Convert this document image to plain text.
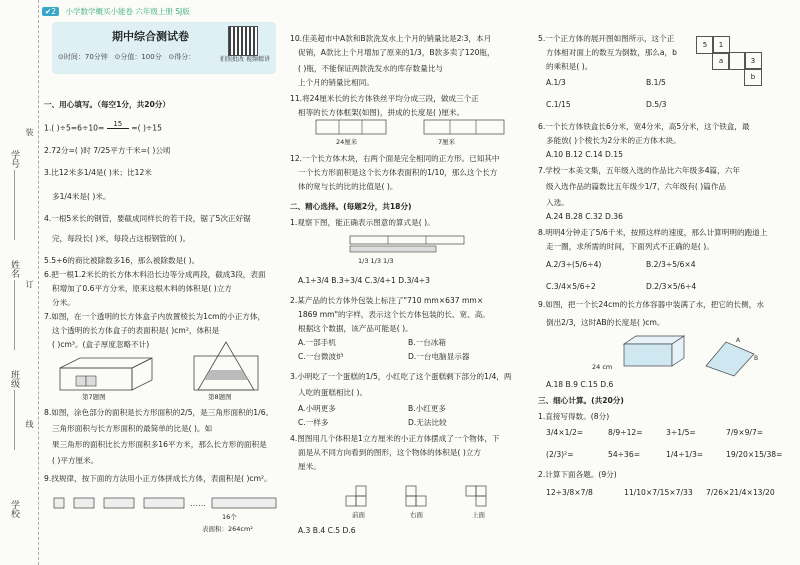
学号
姓名
班级
学校
装
订
线
✔2 小学数学概买小能卷 六年级上册 SJ版
期中综合测试卷
⊙时间：70分钟 ⊙分值：100分 ⊙得分：	拍照批改 视频精讲
一、用心填写。（每空1分，共20分）
1.( )÷5=6÷10= 15 =( )÷15
2.72分=( )时 7/25平方千米=( )公顷
3.比12米多1/4是( )米；比12米
多1/4米是( )米。
4.一根5米长的钢管，要截成同样长的若干段，锯了5次正好锯
完，每段长( )米，每段占这根钢管的( )。
5.5÷6的商比被除数多16，那么被除数是( )。
6.把一根1.2米长的长方体木料沿长边等分成两段，截成3段，表面
积增加了0.6平方分米，原来这根木料的体积是( )立方
分米。
7.如图，在一个透明的长方体盒子内放置棱长为1cm的小正方体，
这个透明的长方体盒子的表面积是( )cm²，体积是
( )cm³。(盒子厚度忽略不计)
第7题图	第8题图
8.如图，涂色部分的面积是长方形面积的2/5，是三角形面积的1/6。
三角形面积与长方形面积的最简单的比是( )。如
果三角形的面积比长方形面积多16平方米，那么长方形的面积是
( )平方厘米。
9.找规律，按下面的方法用小正方体拼成长方体，表面积是( )cm²。
……
16个
表面积：264cm²
10.佳美超市中A款和B款洗发水上个月的销量比是2∶3，本月
促销，A款比上个月增加了原来的1/3，B款多卖了120瓶，
( )瓶，不能保证两款洗发水的库存数量比与
上个月的销量比相同。
11.将24厘米长的长方体铁丝平均分成三段，做成三个正
相等的长方体框架(如图)，拼成的长度是( )厘米。
24厘米	7厘米
12.一个长方体木块，右两个面是完全相同的正方形。已知其中
一个长方形面积是这个长方体表面积的1/10，那么这个长方
体的宽与长的比的比值是( )。
二、精心选择。(每题2分，共18分)
1.观察下图，能正确表示图意的算式是( )。
1/3 1/3 1/3
A.1÷3/4 B.3÷3/4 C.3/4÷1 D.3/4÷3
2.某产品的长方体外包装上标注了"710 mm×637 mm×
1869 mm"的字样，表示这个长方体包装的长、宽、高。
根据这个数据，该产品可能是( )。
A.一部手机	B.一台冰箱
C.一台微波炉	D.一台电脑显示器
3.小明吃了一个蛋糕的1/5，小红吃了这个蛋糕剩下部分的1/4，两
人吃的蛋糕相比( )。
A.小明更多	B.小红更多
C.一样多	D.无法比较
4.图图用几个体积是1立方厘米的小正方体摆成了一个物体，下
面是从不同方向看到的图形，这个物体的体积是( )立方
厘米。
前面	右面	上面
A.3 B.4 C.5 D.6
5.一个正方体的展开图如图所示，这个正
方体相对面上的数互为倒数，那么a，b
的乘积是( )。
5	1
a	3
b
A.1/3	B.1/5
C.1/15	D.5/3
6.一个长方体铁盒长6分米，宽4分米，高5分米，这个铁盒，最
多能放( )个棱长为2分米的正方体木块。
A.10 B.12 C.14 D.15
7.学校一本美文集，五年级入选的作品比六年级多4篇，六年
级入选作品的篇数比五年级少1/7，六年级有( )篇作品
入选。
A.24 B.28 C.32 D.36
8.明明4分钟走了5/6千米，按照这样的速度，那么计算明明的跑道上
走一圈，求所需的时间，下面列式不正确的是( )。
A.2/3÷(5/6÷4)	B.2/3÷5/6×4
C.3/4×5/6÷2	D.2/3×5/6÷4
9.如图，把一个长24cm的长方体容器中装满了水，把它的长侧，水
倒出2/3，这时AB的长度是( )cm。
A
B
24 cm
A.18 B.9 C.15 D.6
三、细心计算。(共20分)
1.直接写得数。(8分)
3/4×1/2=	8/9÷12=	3÷1/5=	7/9×9/7=
(2/3)²=	54÷36=	1/4÷1/3=	19/20×15/38=
2.计算下面各题。(9分)
12÷3/8×7/8	11/10×7/15×7/33 7/26×21/4×13/20
